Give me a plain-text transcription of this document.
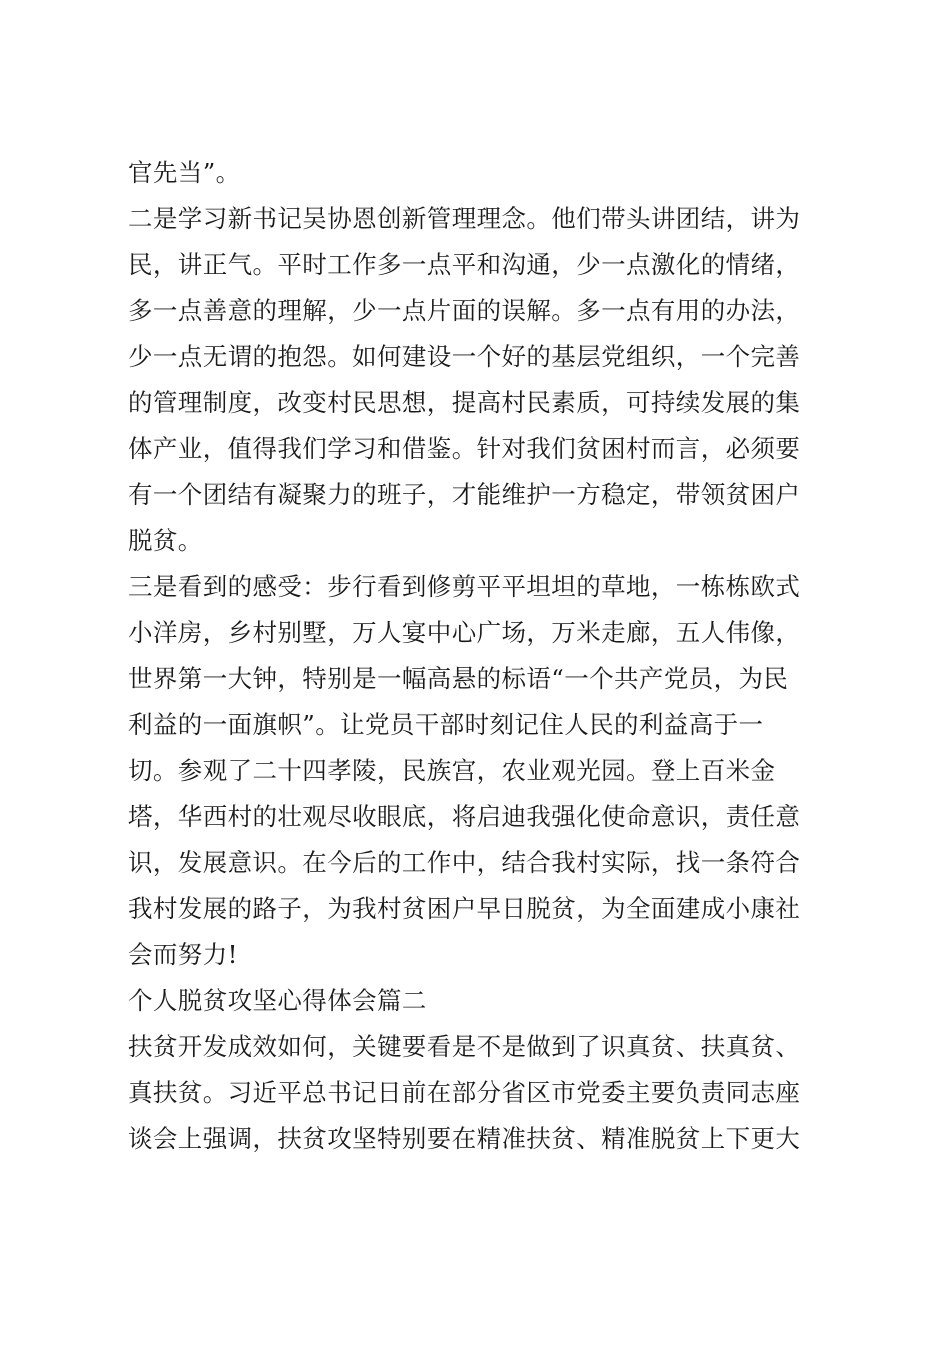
官先当”。
二是学习新书记吴协恩创新管理理念。他们带头讲团结，讲为
民，讲正气。平时工作多一点平和沟通，少一点激化的情绪，
多一点善意的理解，少一点片面的误解。多一点有用的办法，
少一点无谓的抱怨。如何建设一个好的基层党组织，一个完善
的管理制度，改变村民思想，提高村民素质，可持续发展的集
体产业，值得我们学习和借鉴。针对我们贫困村而言，必须要
有一个团结有凝聚力的班子，才能维护一方稳定，带领贫困户
脱贫。
三是看到的感受：步行看到修剪平平坦坦的草地，一栋栋欧式
小洋房，乡村别墅，万人宴中心广场，万米走廊，五人伟像，
世界第一大钟，特别是一幅高悬的标语“一个共产党员，为民
利益的一面旗帜”。让党员干部时刻记住人民的利益高于一
切。参观了二十四孝陵，民族宫，农业观光园。登上百米金
塔，华西村的壮观尽收眼底，将启迪我强化使命意识，责任意
识，发展意识。在今后的工作中，结合我村实际，找一条符合
我村发展的路子，为我村贫困户早日脱贫，为全面建成小康社
会而努力!
个人脱贫攻坚心得体会篇二
扶贫开发成效如何，关键要看是不是做到了识真贫、扶真贫、
真扶贫。习近平总书记日前在部分省区市党委主要负责同志座
谈会上强调，扶贫攻坚特别要在精准扶贫、精准脱贫上下更大
